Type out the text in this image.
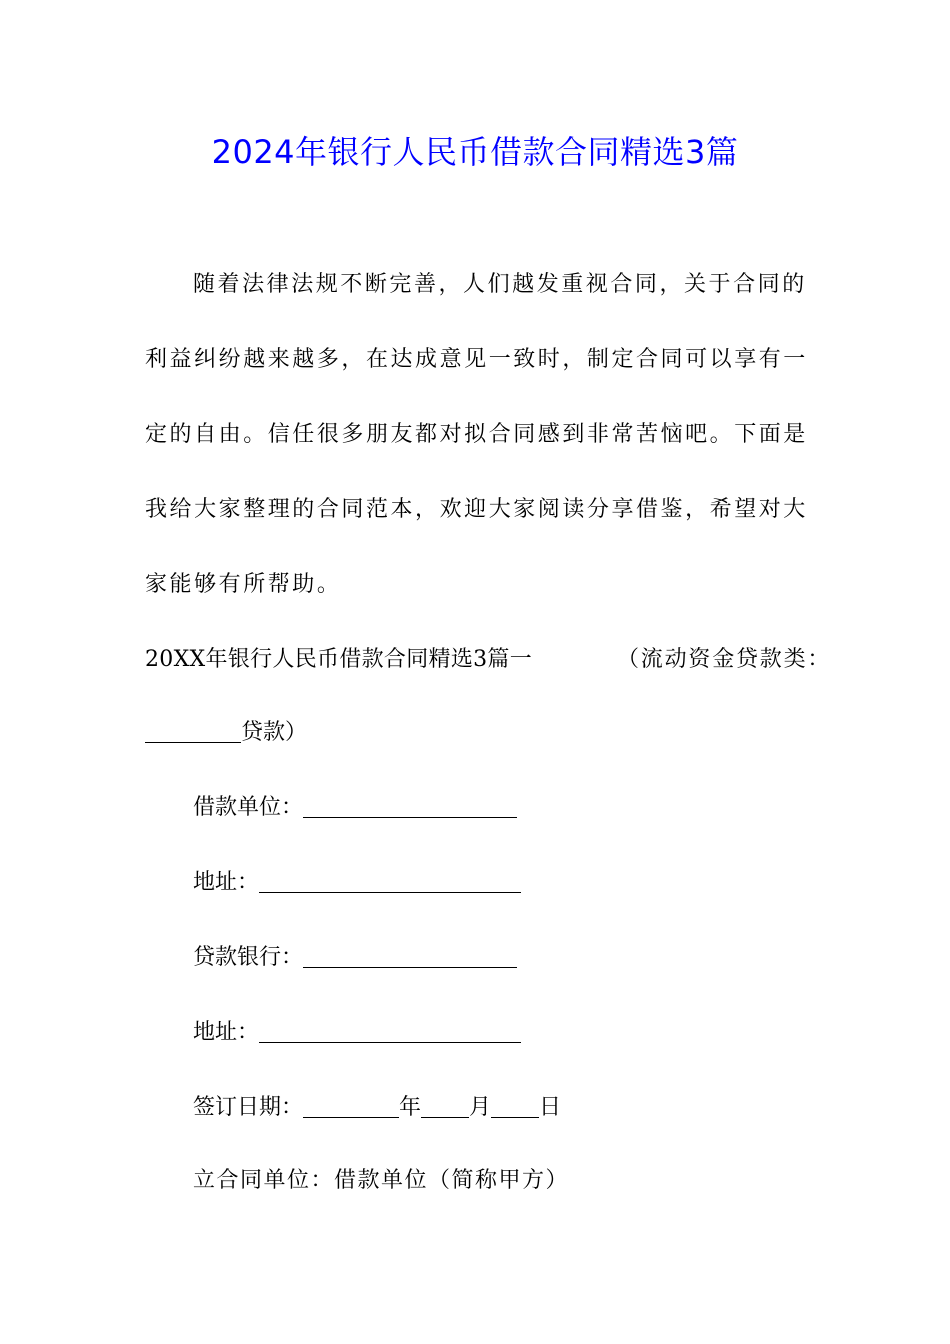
2024年银行人民币借款合同精选3篇
随着法律法规不断完善，人们越发重视合同，关于合同的
利益纠纷越来越多，在达成意见一致时，制定合同可以享有一
定的自由。信任很多朋友都对拟合同感到非常苦恼吧。下面是
我给大家整理的合同范本，欢迎大家阅读分享借鉴，希望对大
家能够有所帮助。
20XX年银行人民币借款合同精选3篇一	（流动资金贷款类：
贷款）
借款单位：
地址：
贷款银行：
地址：
签订日期：	年 月 日
立合同单位：借款单位（简称甲方）
